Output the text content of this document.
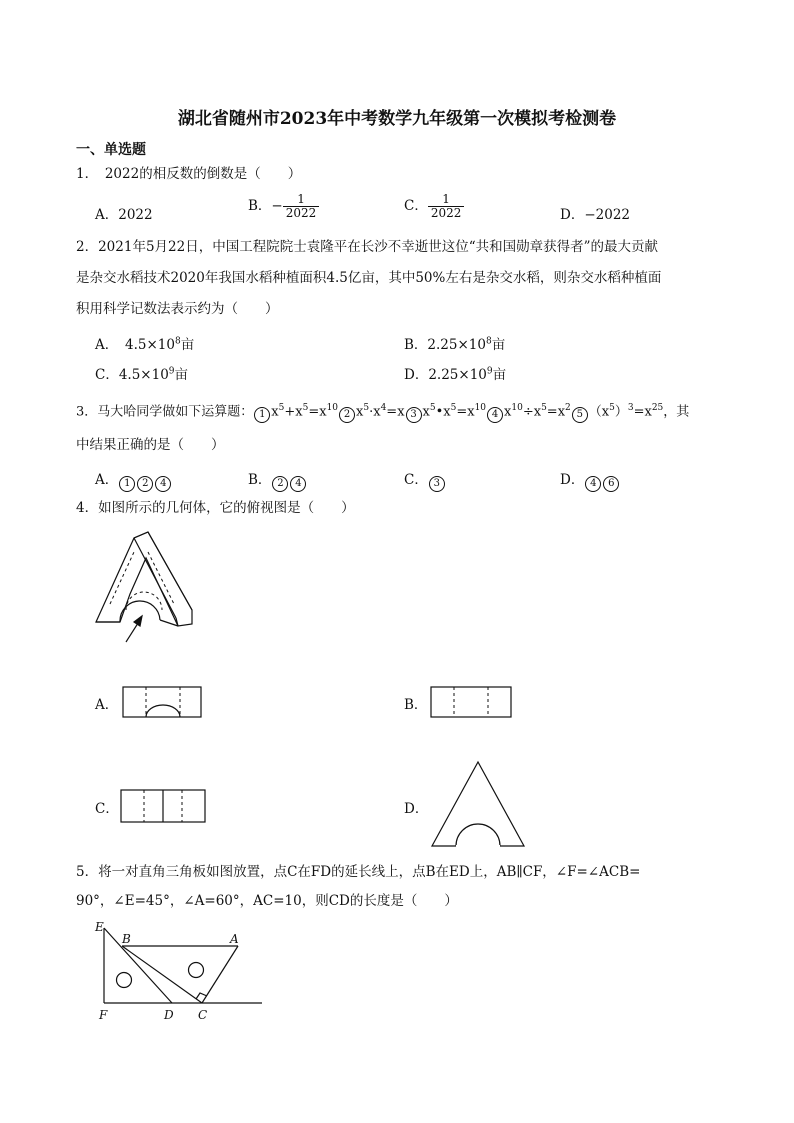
湖北省随州市2023年中考数学九年级第一次模拟考检测卷
一、单选题
1．　2022的相反数的倒数是（　　）
A．2022
B．− $\frac{1}{2022}$	C． $\frac{1}{2022}$	D．−2022
2．2021年5月22日，中国工程院院士袁隆平在长沙不幸逝世这位“共和国勋章获得者”的最大贡献
是杂交水稻技术2020年我国水稻种植面积4.5亿亩，其中50%左右是杂交水稻，则杂交水稻种植面
积用科学记数法表示约为（　　）
A．　$4.5\times 10^8$亩	B．$2.25\times 10^8$亩
C．$4.5\times 10^9$亩	D．$2.25\times 10^9$亩
3．马大哈同学做如下运算题： 1 $x^5+x^5=x^{10}2$ $x^5\cdot x^4=x$ 3 $x^5•x^5=x^{10}4$ $x^{10}\div x^5=x^25$ $(x^5)^3=x^{25}$，其
中结果正确的是（　　）
A． 1 2 4	B． 2 4	C． 3	D． 4 6
4．如图所示的几何体，它的俯视图是（　　）
A．	B．
C．	D．
5．将一对直角三角板如图放置，点C在FD的延长线上，点B在ED上，AB∥CF，∠F=∠ACB=
90°，∠E=45°，∠A=60°，AC=10，则CD的长度是（　　）
E
B	A
F	D C
